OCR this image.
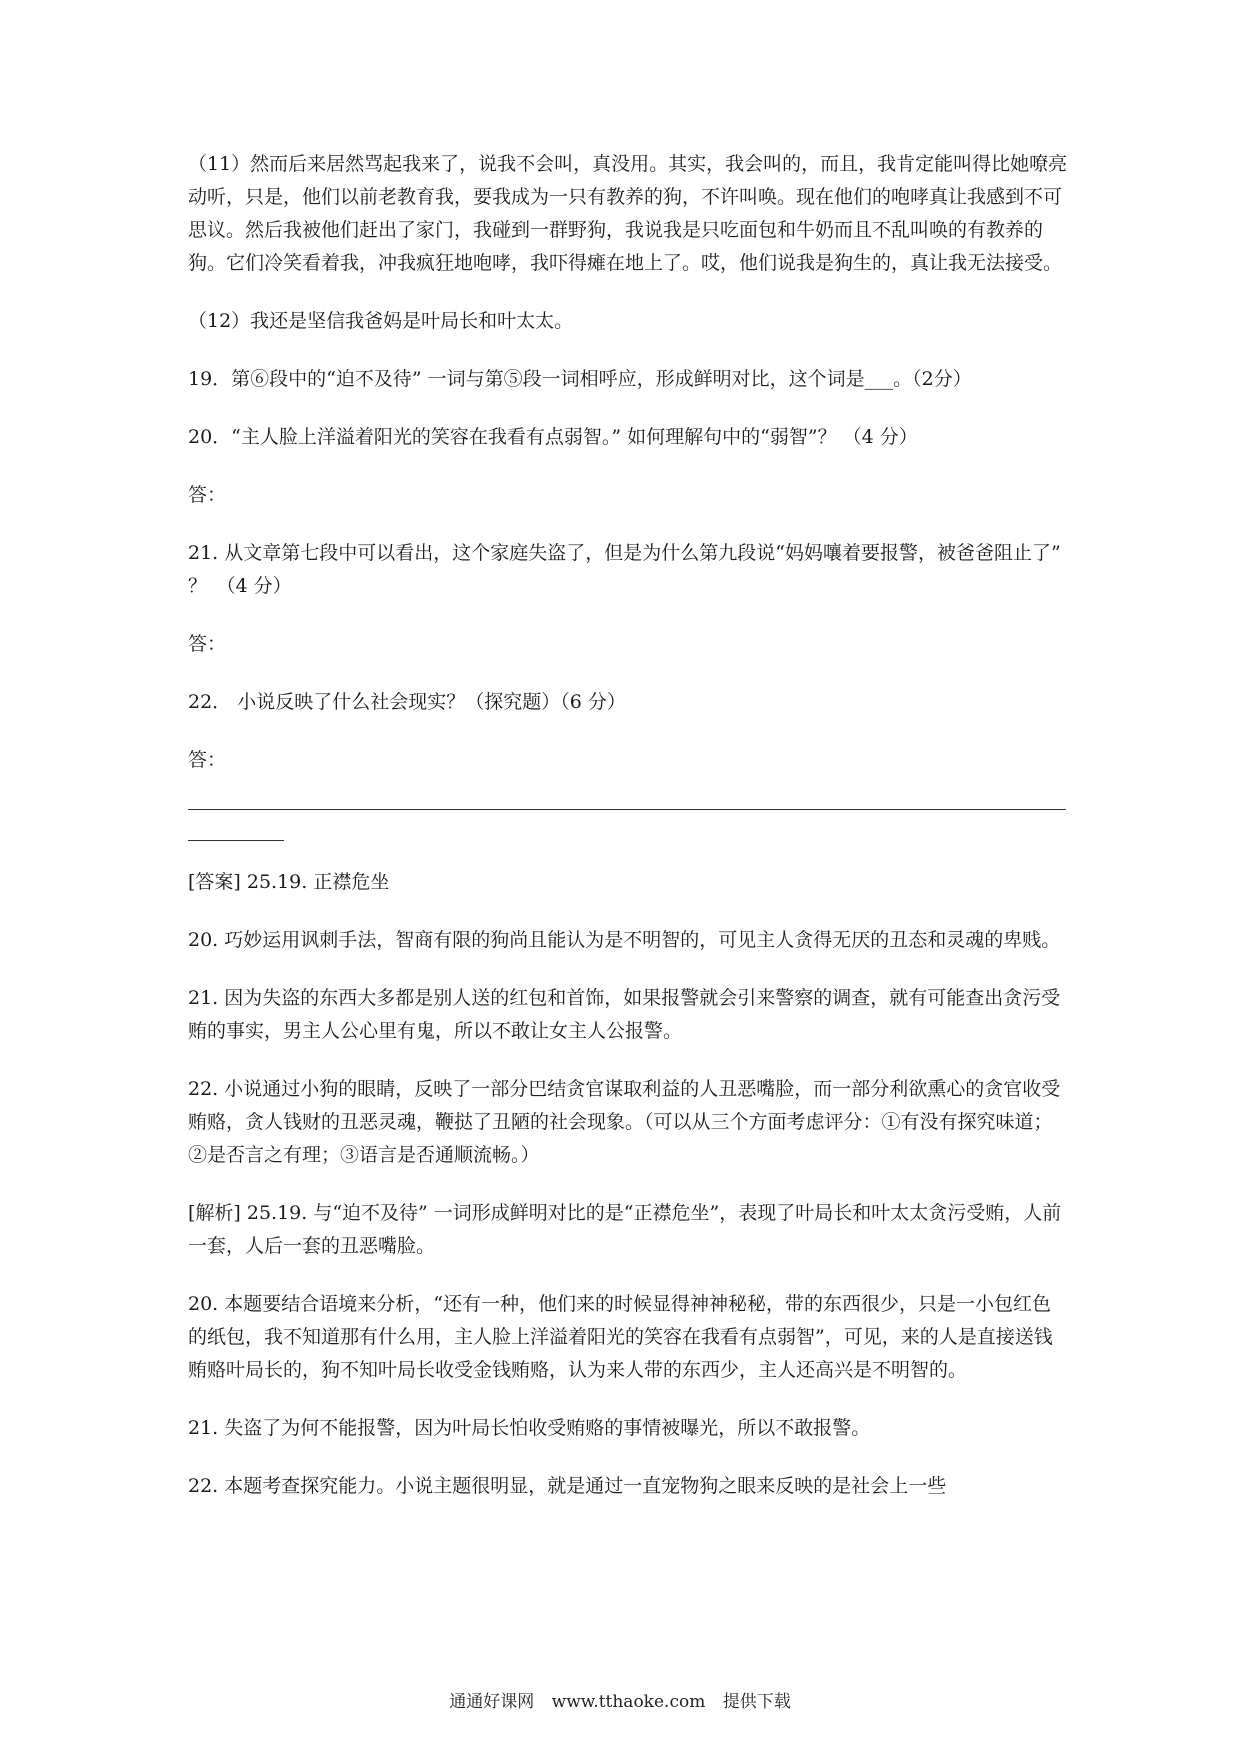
（11）然而后来居然骂起我来了，说我不会叫，真没用。其实，我会叫的，而且，我肯定能叫得比她嘹亮动听，只是，他们以前老教育我，要我成为一只有教养的狗，不许叫唤。现在他们的咆哮真让我感到不可思议。然后我被他们赶出了家门，我碰到一群野狗，我说我是只吃面包和牛奶而且不乱叫唤的有教养的狗。它们冷笑看着我，冲我疯狂地咆哮，我吓得瘫在地上了。哎，他们说我是狗生的，真让我无法接受。

（12）我还是坚信我爸妈是叶局长和叶太太。

19．第⑥段中的“迫不及待” 一词与第⑤段一词相呼应，形成鲜明对比，这个词是___。（2分）

20．“主人脸上洋溢着阳光的笑容在我看有点弱智。” 如何理解句中的“弱智”？ （4 分）

答：

21. 从文章第七段中可以看出，这个家庭失盗了，但是为什么第九段说“妈妈嚷着要报警，被爸爸阻止了” ？　（4 分）

答：

22． 小说反映了什么社会现实？（探究题）（6 分）

答：

[答案] 25.19. 正襟危坐

20. 巧妙运用讽刺手法，智商有限的狗尚且能认为是不明智的，可见主人贪得无厌的丑态和灵魂的卑贱。

21. 因为失盗的东西大多都是别人送的红包和首饰，如果报警就会引来警察的调查，就有可能查出贪污受贿的事实，男主人公心里有鬼，所以不敢让女主人公报警。

22. 小说通过小狗的眼睛，反映了一部分巴结贪官谋取利益的人丑恶嘴脸，而一部分利欲熏心的贪官收受贿赂，贪人钱财的丑恶灵魂，鞭挞了丑陋的社会现象。（可以从三个方面考虑评分：①有没有探究味道；②是否言之有理；③语言是否通顺流畅。）

[解析] 25.19. 与“迫不及待” 一词形成鲜明对比的是“正襟危坐”，表现了叶局长和叶太太贪污受贿，人前一套，人后一套的丑恶嘴脸。

20. 本题要结合语境来分析，“还有一种，他们来的时候显得神神秘秘，带的东西很少，只是一小包红色的纸包，我不知道那有什么用，主人脸上洋溢着阳光的笑容在我看有点弱智”，可见，来的人是直接送钱贿赂叶局长的，狗不知叶局长收受金钱贿赂，认为来人带的东西少，主人还高兴是不明智的。

21. 失盗了为何不能报警，因为叶局长怕收受贿赂的事情被曝光，所以不敢报警。

22. 本题考查探究能力。小说主题很明显，就是通过一直宠物狗之眼来反映的是社会上一些

通通好课网 www.tthaoke.com 提供下载
